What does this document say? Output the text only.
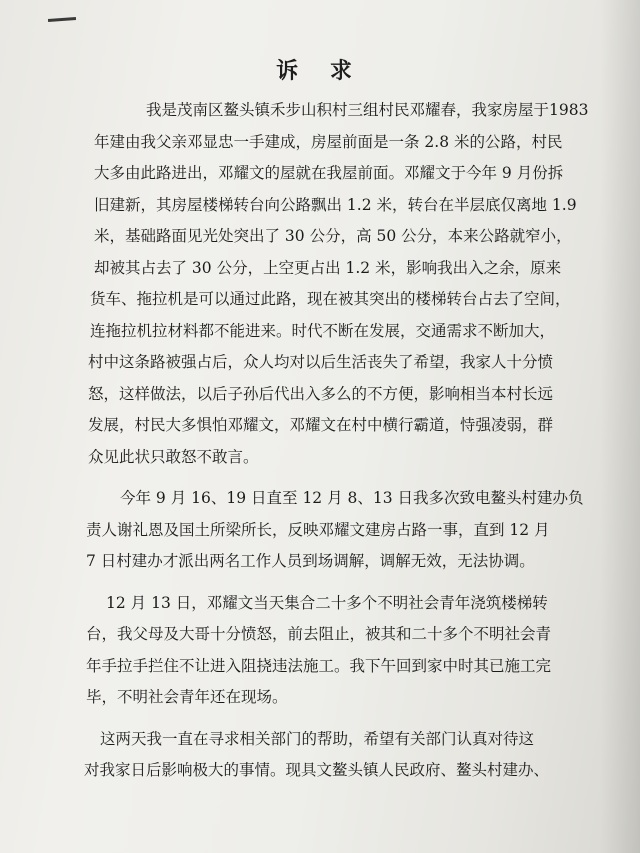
诉 求
我是茂南区鳌头镇禾步山积村三组村民邓耀春，我家房屋于1983
年建由我父亲邓显忠一手建成，房屋前面是一条 2.8 米的公路，村民
大多由此路进出，邓耀文的屋就在我屋前面。邓耀文于今年 9 月份拆
旧建新，其房屋楼梯转台向公路飘出 1.2 米，转台在半层底仅离地 1.9
米，基础路面见光处突出了 30 公分，高 50 公分，本来公路就窄小，
却被其占去了 30 公分，上空更占出 1.2 米，影响我出入之余，原来
货车、拖拉机是可以通过此路，现在被其突出的楼梯转台占去了空间，
连拖拉机拉材料都不能进来。时代不断在发展，交通需求不断加大，
村中这条路被强占后，众人均对以后生活丧失了希望，我家人十分愤
怒，这样做法，以后子孙后代出入多么的不方便，影响相当本村长远
发展，村民大多惧怕邓耀文，邓耀文在村中横行霸道，恃强凌弱，群
众见此状只敢怒不敢言。
今年 9 月 16、19 日直至 12 月 8、13 日我多次致电鳌头村建办负
责人谢礼恩及国土所梁所长，反映邓耀文建房占路一事，直到 12 月
7 日村建办才派出两名工作人员到场调解，调解无效，无法协调。
12 月 13 日，邓耀文当天集合二十多个不明社会青年浇筑楼梯转
台，我父母及大哥十分愤怒，前去阻止，被其和二十多个不明社会青
年手拉手拦住不让进入阻挠违法施工。我下午回到家中时其已施工完
毕，不明社会青年还在现场。
这两天我一直在寻求相关部门的帮助，希望有关部门认真对待这
对我家日后影响极大的事情。现具文鳌头镇人民政府、鳌头村建办、
